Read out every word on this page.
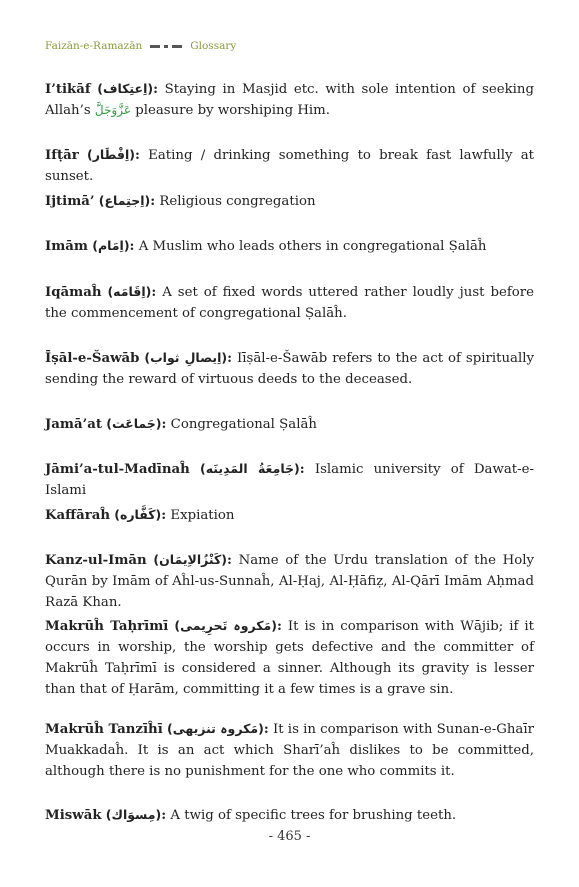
Faizān-e-Ramazān	Glossary

I’tikāf (اِعتِكاف): Staying in Masjid etc. with sole intention of seeking Allah’s عَزَّوَجَلَّ pleasure by worshiping Him.

Ifṭār (اِفْطَار): Eating / drinking something to break fast lawfully at sunset.

Ijtimā’ (اِجتِماع): Religious congregation

Imām (اِمَام): A Muslim who leads others in congregational Ṣalāĥ

Iqāmaĥ (اِقَامَه): A set of fixed words uttered rather loudly just before the commencement of congregational Ṣalāĥ.

Īṣāl-e-Šawāb (اِیصالِ ثواب): Iīṣāl-e-Šawāb refers to the act of spiritually sending the reward of virtuous deeds to the deceased.

Jamā’at (جَماعَت): Congregational Ṣalāĥ

Jāmi’a-tul-Madīnaĥ (جَامِعَةُ المَدِينَه): Islamic university of Dawat-e-Islami

Kaffāraĥ (كَفَّاره): Expiation

Kanz-ul-Imān (كَنْزُالاِيمَان): Name of the Urdu translation of the Holy Qurān by Imām of Aĥl-us-Sunnaĥ, Al-Ḥaj, Al-Ḥāfiẓ, Al-Qārī Imām Aḥmad Razā Khan.

Makrūĥ Taḥrīmī (مَكروہ تَحرِيمی): It is in comparison with Wājib; if it occurs in worship, the worship gets defective and the committer of Makrūĥ Taḥrīmī is considered a sinner. Although its gravity is lesser than that of Ḥarām, committing it a few times is a grave sin.

Makrūĥ Tanzīĥī (مَكروہ تنزیهی): It is in comparison with Sunan-e-Ghaīr Muakkadaĥ. It is an act which Sharī’aĥ dislikes to be committed, although there is no punishment for the one who commits it.

Miswāk (مِسوَاك): A twig of specific trees for brushing teeth.

- 465 -
